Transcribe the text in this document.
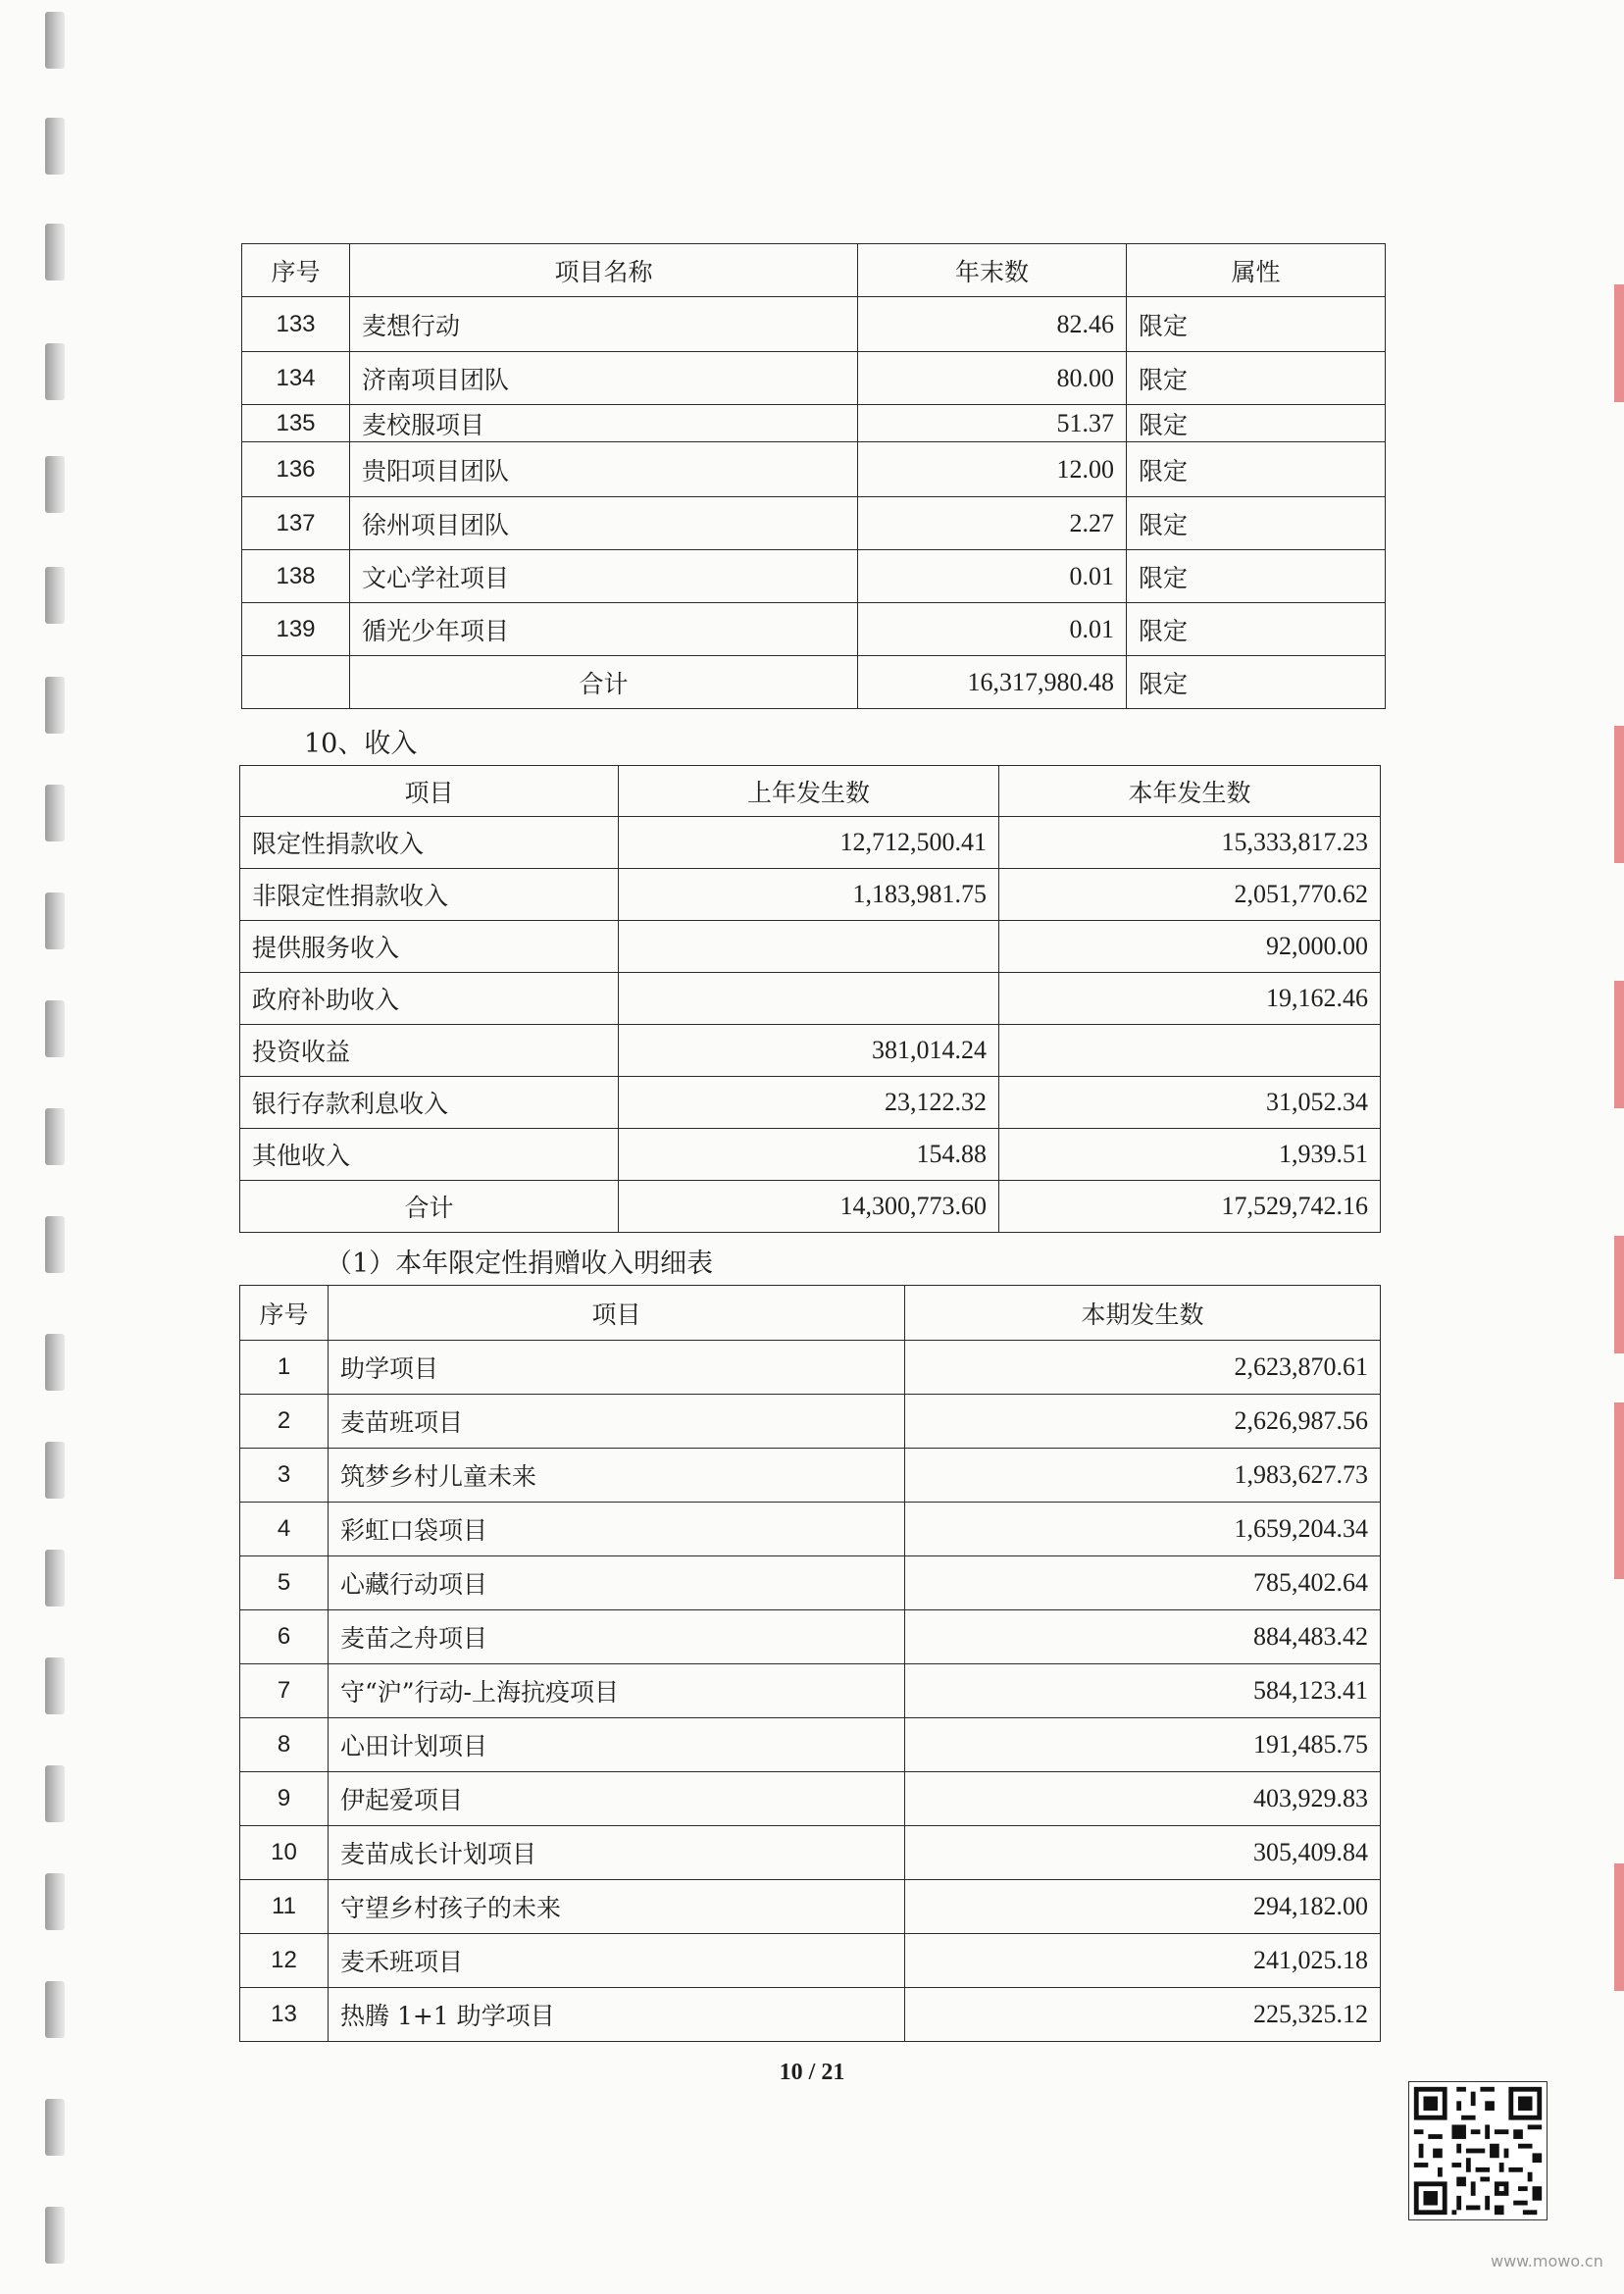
序号	项目名称	年末数	属性
133	麦想行动	82.46	限定
134	济南项目团队	80.00	限定
135	麦校服项目	51.37	限定
136	贵阳项目团队	12.00	限定
137	徐州项目团队	2.27	限定
138	文心学社项目	0.01	限定
139	循光少年项目	0.01	限定
	合计	16,317,980.48	限定
10、收入
项目	上年发生数	本年发生数
限定性捐款收入	12,712,500.41	15,333,817.23
非限定性捐款收入	1,183,981.75	2,051,770.62
提供服务收入		92,000.00
政府补助收入		19,162.46
投资收益	381,014.24	
银行存款利息收入	23,122.32	31,052.34
其他收入	154.88	1,939.51
合计	14,300,773.60	17,529,742.16
（1）本年限定性捐赠收入明细表
序号	项目	本期发生数
1	助学项目	2,623,870.61
2	麦苗班项目	2,626,987.56
3	筑梦乡村儿童未来	1,983,627.73
4	彩虹口袋项目	1,659,204.34
5	心藏行动项目	785,402.64
6	麦苗之舟项目	884,483.42
7	守“沪”行动-上海抗疫项目	584,123.41
8	心田计划项目	191,485.75
9	伊起爱项目	403,929.83
10	麦苗成长计划项目	305,409.84
11	守望乡村孩子的未来	294,182.00
12	麦禾班项目	241,025.18
13	热腾 1+1 助学项目	225,325.12
10 / 21
www.mowo.cn
